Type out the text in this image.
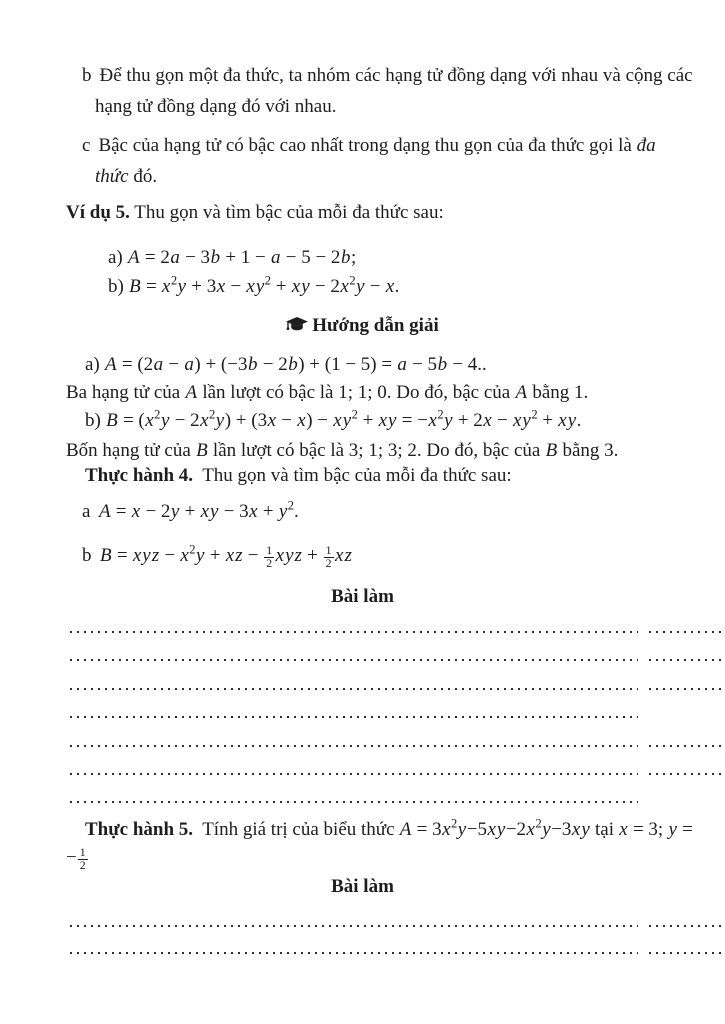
b Để thu gọn một đa thức, ta nhóm các hạng tử đồng dạng với nhau và cộng các
hạng tử đồng dạng đó với nhau.
c Bậc của hạng tử có bậc cao nhất trong dạng thu gọn của đa thức gọi là đa
thức đó.
Ví dụ 5. Thu gọn và tìm bậc của mỗi đa thức sau:
a) A = 2a − 3b + 1 − a − 5 − 2b;
b) $B = x^2y + 3x - xy^2$ + xy − $2x^2y - x$.
Hướng dẫn giải
a) A = (2a − a) + (−3b − 2b) + (1 − 5) = a − 5b − 4..
Ba hạng tử của A lần lượt có bậc là 1; 1; 0. Do đó, bậc của A bằng 1.
b) $B = (x^2y - 2x^2y) + (3x - x) - xy^2$ + xy = $-x^2y + 2x - xy^2$ + xy.
Bốn hạng tử của B lần lượt có bậc là 3; 1; 3; 2. Do đó, bậc của B bằng 3.
Thực hành 4.  Thu gọn và tìm bậc của mỗi đa thức sau:
a A = x − 2y + xy − $3x + y^2$.
b B = xyz − $x^2y$ + xz − $\frac{1}{2}$ xyz + $\frac{1}{2}$ xz
Bài làm
Thực hành 5.  Tính giá trị của biểu thức $A = 3x^2y-5xy-2x^2y-3xy$ tại x = 3; y =
− $\frac{1}{2}$
Bài làm
